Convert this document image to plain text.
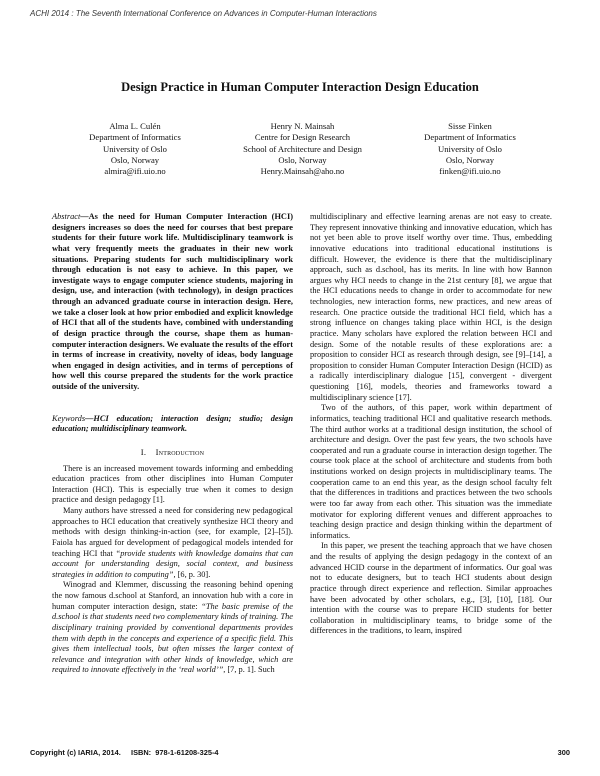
ACHI 2014 : The Seventh International Conference on Advances in Computer-Human Interactions
Design Practice in Human Computer Interaction Design Education
Alma L. Culén
Department of Informatics
University of Oslo
Oslo, Norway
almira@ifi.uio.no
Henry N. Mainsah
Centre for Design Research
School of Architecture and Design
Oslo, Norway
Henry.Mainsah@aho.no
Sisse Finken
Department of Informatics
University of Oslo
Oslo, Norway
finken@ifi.uio.no

Abstract—As the need for Human Computer Interaction (HCI) designers increases so does the need for courses that best prepare students for their future work life. Multidisciplinary teamwork is what very frequently meets the graduates in their new work situations. Preparing students for such multidisciplinary work through education is not easy to achieve. In this paper, we investigate ways to engage computer science students, majoring in design, use, and interaction (with technology), in design practices through an advanced graduate course in interaction design. Here, we take a closer look at how prior embodied and explicit knowledge of HCI that all of the students have, combined with understanding of design practice through the course, shape them as human-computer interaction designers. We evaluate the results of the effort in terms of increase in creativity, novelty of ideas, body language when engaged in design activities, and in terms of perceptions of how well this course prepared the students for the work practice outside of the university.

Keywords—HCI education; interaction design; studio; design education; multidisciplinary teamwork.

I. Introduction

There is an increased movement towards informing and embedding education practices from other disciplines into Human Computer Interaction (HCI). This is especially true when it comes to design practice and design pedagogy [1].

Many authors have stressed a need for considering new pedagogical approaches to HCI education that creatively synthesize HCI theory and methods with design thinking-in-action (see, for example, [2]–[5]). Faiola has argued for development of pedagogical models intended for teaching HCI that “provide students with knowledge domains that can account for understanding design, social context, and business strategies in addition to computing”, [6, p. 30].

Winograd and Klemmer, discussing the reasoning behind opening the now famous d.school at Stanford, an innovation hub with a core in human computer interaction design, state: “The basic premise of the d.school is that students need two complementary kinds of training. The disciplinary training provided by conventional departments provides them with depth in the concepts and experience of a specific field. This gives them intellectual tools, but often misses the larger context of relevance and integration with other kinds of knowledge, which are required to innovate effectively in the ‘real world’”, [7, p. 1]. Such

multidisciplinary and effective learning arenas are not easy to create. They represent innovative thinking and innovative education, which has not yet been able to prove itself worthy over time. Thus, embedding innovative educations into traditional educational institutions is difficult. However, the evidence is there that the multidisciplinary approach, such as d.school, has its merits. In line with how Bannon argues why HCI needs to change in the 21st century [8], we argue that the HCI educations needs to change in order to accommodate for new technologies, new interaction forms, new practices, and new areas of research. One practice outside the traditional HCI field, which has a strong influence on changes taking place within HCI, is the design practice. Many scholars have explored the relation between HCI and design. Some of the notable results of these explorations are: a proposition to consider HCI as research through design, see [9]–[14], a proposition to consider Human Computer Interaction Design (HCID) as a radically interdisciplinary dialogue [15], convergent - divergent questioning [16], models, theories and frameworks toward a multidisciplinary science [17].

Two of the authors, of this paper, work within department of informatics, teaching traditional HCI and qualitative research methods. The third author works at a traditional design institution, the school of architecture and design. Over the past few years, the two schools have cooperated and run a graduate course in interaction design together. The course took place at the school of architecture and students from both institutions worked on design projects in multidisciplinary teams. The cooperation came to an end this year, as the design school faculty felt that the differences in traditions and practices between the two schools were too far away from each other. This situation was the immediate motivator for exploring different venues and different approaches to teaching design practice and design thinking within the department of informatics.

In this paper, we present the teaching approach that we have chosen and the results of applying the design pedagogy in the context of an advanced HCID course in the department of informatics. Our goal was not to educate designers, but to teach HCI students about design practice through direct experience and reflection. Similar approaches have been advocated by other scholars, e.g., [3], [10], [18]. Our intention with the course was to prepare HCID students for better collaboration in multidisciplinary teams, to bridge some of the differences in the traditions, to learn, inspired

Copyright (c) IARIA, 2014.     ISBN:  978-1-61208-325-4	300
